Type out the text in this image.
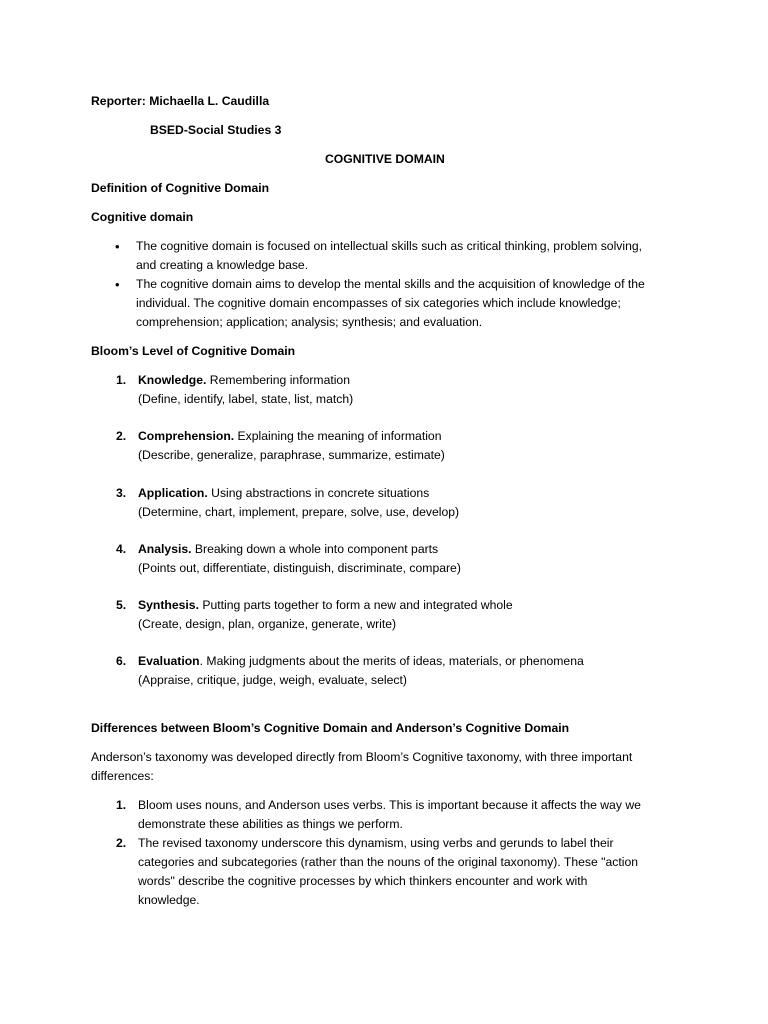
Reporter: Michaella L. Caudilla
BSED-Social Studies 3
COGNITIVE DOMAIN
Definition of Cognitive Domain
Cognitive domain
• The cognitive domain is focused on intellectual skills such as critical thinking, problem solving,
and creating a knowledge base.
• The cognitive domain aims to develop the mental skills and the acquisition of knowledge of the
individual. The cognitive domain encompasses of six categories which include knowledge;
comprehension; application; analysis; synthesis; and evaluation.
Bloom’s Level of Cognitive Domain
1. Knowledge. Remembering information
(Define, identify, label, state, list, match)
2. Comprehension. Explaining the meaning of information
(Describe, generalize, paraphrase, summarize, estimate)
3. Application. Using abstractions in concrete situations
(Determine, chart, implement, prepare, solve, use, develop)
4. Analysis. Breaking down a whole into component parts
(Points out, differentiate, distinguish, discriminate, compare)
5. Synthesis. Putting parts together to form a new and integrated whole
(Create, design, plan, organize, generate, write)
6. Evaluation. Making judgments about the merits of ideas, materials, or phenomena
(Appraise, critique, judge, weigh, evaluate, select)
Differences between Bloom’s Cognitive Domain and Anderson’s Cognitive Domain
Anderson’s taxonomy was developed directly from Bloom’s Cognitive taxonomy, with three important
differences:
1. Bloom uses nouns, and Anderson uses verbs. This is important because it affects the way we
demonstrate these abilities as things we perform.
2. The revised taxonomy underscore this dynamism, using verbs and gerunds to label their
categories and subcategories (rather than the nouns of the original taxonomy). These "action
words" describe the cognitive processes by which thinkers encounter and work with
knowledge.
